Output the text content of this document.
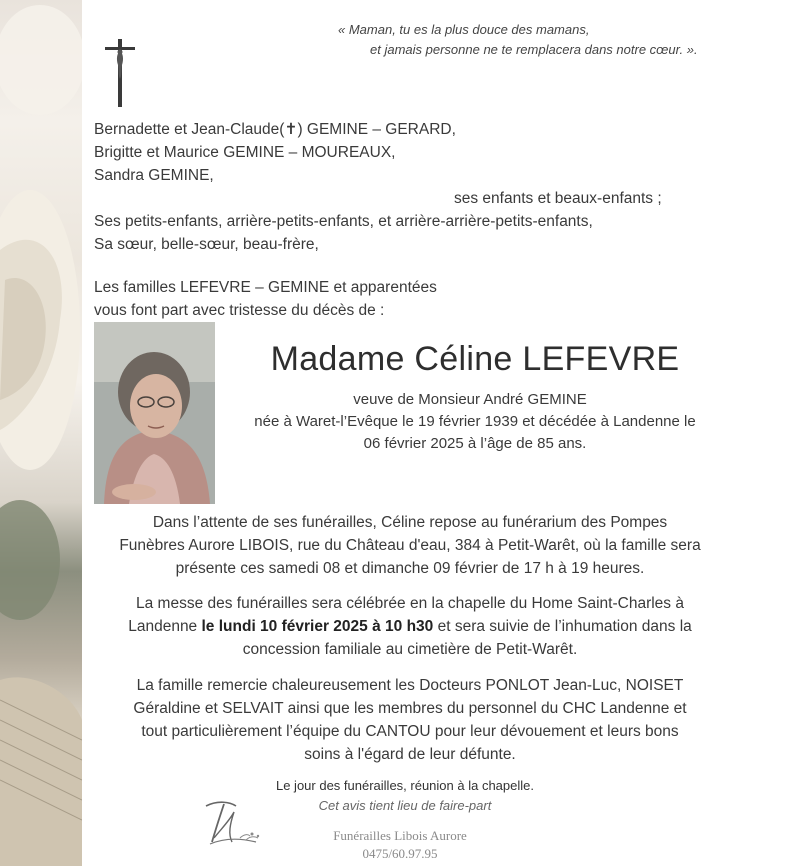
« Maman, tu es la plus douce des mamans,
et jamais personne ne te remplacera dans notre cœur. ».
Bernadette et Jean-Claude(✝) GEMINE – GERARD,
Brigitte et Maurice GEMINE – MOUREAUX,
Sandra GEMINE,
ses enfants et beaux-enfants ;
Ses petits-enfants, arrière-petits-enfants, et arrière-arrière-petits-enfants,
Sa sœur, belle-sœur, beau-frère,
Les familles LEFEVRE – GEMINE et apparentées
vous font part avec tristesse du décès de :
Madame Céline LEFEVRE
veuve de Monsieur André GEMINE
née à Waret-l’Evêque le 19 février 1939 et décédée à Landenne le
06 février 2025 à l’âge de 85 ans.
Dans l’attente de ses funérailles, Céline repose au funérarium des Pompes
Funèbres Aurore LIBOIS, rue du Château d'eau, 384 à Petit-Warêt, où la famille sera
présente ces samedi 08 et dimanche 09 février de 17 h à 19 heures.
La messe des funérailles sera célébrée en la chapelle du Home Saint-Charles à
Landenne le lundi 10 février 2025 à 10 h30 et sera suivie de l’inhumation dans la
concession familiale au cimetière de Petit-Warêt.
La famille remercie chaleureusement les Docteurs PONLOT Jean-Luc, NOISET
Géraldine et SELVAIT ainsi que les membres du personnel du CHC Landenne et
tout particulièrement l’équipe du CANTOU pour leur dévouement et leurs bons
soins à l'égard de leur défunte.
Le jour des funérailles, réunion à la chapelle.
Cet avis tient lieu de faire-part
Funérailles Libois Aurore
0475/60.97.95
